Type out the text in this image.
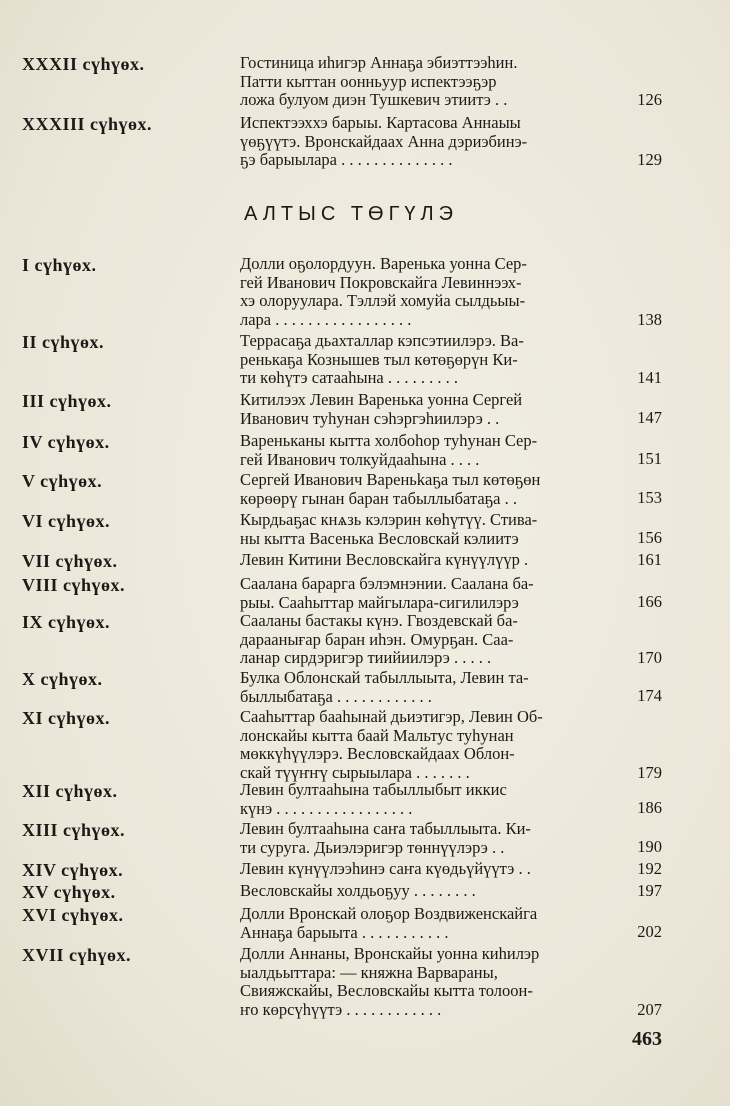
XXXII сүһүөх.	Гостиница иһигэр Аннаҕа эбиэттээһин.
Патти кыттан оонньуур испектээҕэр
ложа булуом диэн Тушкевич этиитэ . .	126
XXXIII сүһүөх.	Испектээххэ барыы. Картасова Аннаыы
үөҕүүтэ. Вронскайдаах Анна дэриэбинэ-
ҕэ барыылара . . . . . . . . . . . . . .	129
АЛТЫС ТӨГҮЛЭ
I сүһүөх.	Долли оҕолордуун. Варенька уонна Сер-
гей Иванович Покровскайга Левиннээх-
хэ олоруулара. Тэллэй хомуйа сылдьыы-
лара . . . . . . . . . . . . . . . . .	138
II сүһүөх.	Террасаҕа дьахталлар кэпсэтиилэрэ. Ва-
ренькаҕа Кознышев тыл көтөҕөрүн Ки-
ти көһүтэ сатааһына . . . . . . . . .	141
III сүһүөх.	Китилээх Левин Варенька уонна Сергей
Иванович туһунан сэһэргэһиилэрэ . .	147
IV сүһүөх.	Вареньканы кытта холбоһор туһунан Сер-
гей Иванович толкуйдааһына . . . .	151
V сүһүөх.	Сергей Иванович Вареньkaҕa тыл көтөҕөн
көрөөрү гынан баран табыллыбатаҕа . .	153
VI сүһүөх.	Кырдьаҕас кнѧзь кэлэрин көһүтүү. Стива-
ны кытта Васенька Весловскай кэлиитэ	156
VII сүһүөх.	Левин Китини Весловскайга күнүүлүүр .	161
VIII сүһүөх.	Саалана бараргa бэлэмнэнии. Саалана ба-
рыы. Сааһыттар майгылара-сигилилэрэ	166
IX сүһүөх.	Сааланы бастакы күнэ. Гвоздевскай ба-
дараанығар баран иһэн. Омурҕан. Саа-
ланар сирдэригэр тиийиилэрэ . . . . .	170
X сүһүөх.	Булка Облонскай табыллыыта, Левин та-
быллыбатаҕа . . . . . . . . . . . .	174
XI сүһүөх.	Сааһыттар бааһынай дьиэтигэр, Левин Об-
лонскайы кытта баай Мальтус туһунан
мөккүһүүлэрэ. Весловскайдаах Облон-
скай түүҥҥү сырыылара . . . . . . .	179
XII сүһүөх.	Левин бултааһына табыллыбыт иккис
күнэ . . . . . . . . . . . . . . . . .	186
XIII сүһүөх.	Левин бултааһына саҥа табыллыыта. Ки-
ти суруга. Дьиэлэригэр төннүүлэрэ . .	190
XIV сүһүөх.	Левин күнүүлээһинэ саҥа күөдьүйүүтэ . .	192
XV сүһүөх.	Весловскайы холдьоҕуу . . . . . . . .	197
XVI сүһүөх.	Долли Вронскай олоҕор Воздвиженскайга
Аннаҕа барыыта . . . . . . . . . . .	202
XVII сүһүөх.	Долли Аннаны, Вронскайы уонна киһилэр
ыалдьыттара: — княжна Варвараны,
Свияжскайы, Весловскайы кытта толоон-
ҥо көрсүһүүтэ . . . . . . . . . . . .	207
463
